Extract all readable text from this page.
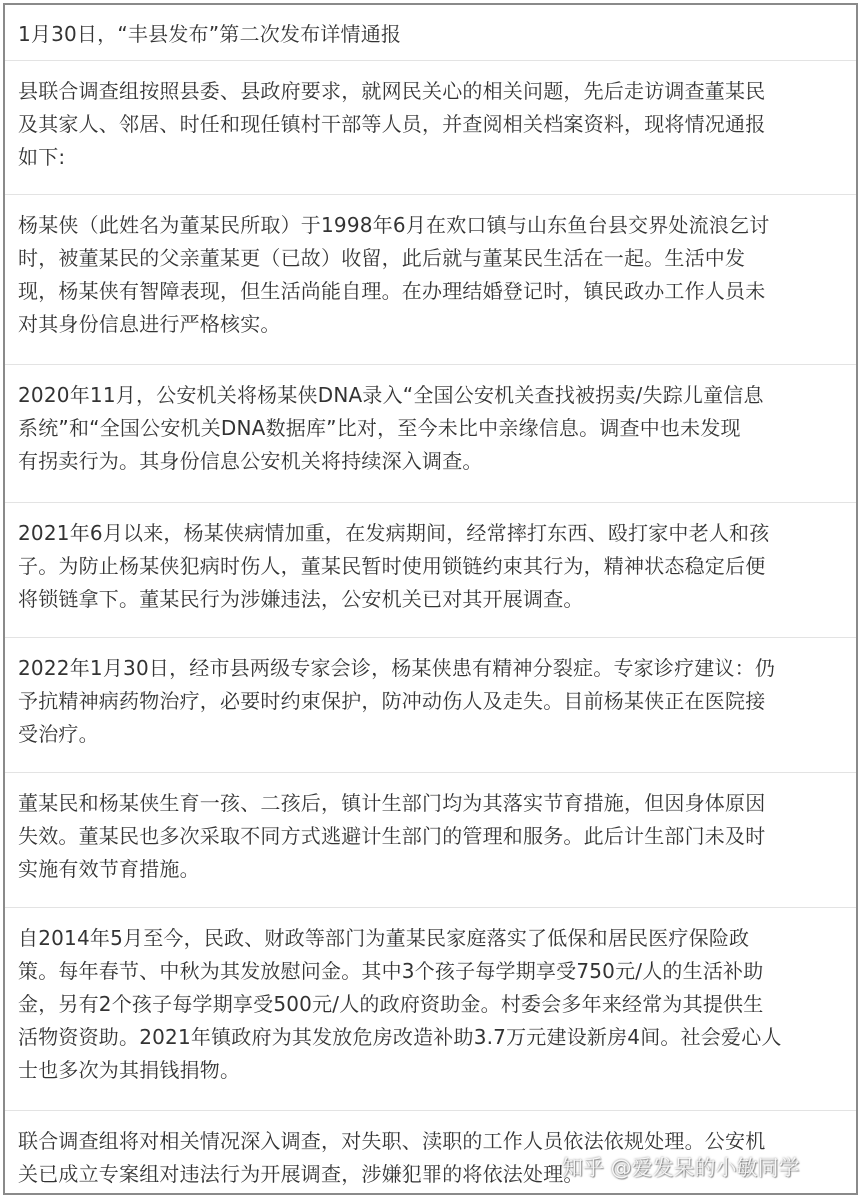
1月30日，“丰县发布”第二次发布详情通报
县联合调查组按照县委、县政府要求，就网民关心的相关问题，先后走访调查董某民
及其家人、邻居、时任和现任镇村干部等人员，并查阅相关档案资料，现将情况通报
如下:
杨某侠（此姓名为董某民所取）于1998年6月在欢口镇与山东鱼台县交界处流浪乞讨
时，被董某民的父亲董某更（已故）收留，此后就与董某民生活在一起。生活中发
现，杨某侠有智障表现，但生活尚能自理。在办理结婚登记时，镇民政办工作人员未
对其身份信息进行严格核实。
2020年11月，公安机关将杨某侠DNA录入“全国公安机关查找被拐卖/失踪儿童信息
系统”和“全国公安机关DNA数据库”比对，至今未比中亲缘信息。调查中也未发现
有拐卖行为。其身份信息公安机关将持续深入调查。
2021年6月以来，杨某侠病情加重，在发病期间，经常摔打东西、殴打家中老人和孩
子。为防止杨某侠犯病时伤人，董某民暂时使用锁链约束其行为，精神状态稳定后便
将锁链拿下。董某民行为涉嫌违法，公安机关已对其开展调查。
2022年1月30日，经市县两级专家会诊，杨某侠患有精神分裂症。专家诊疗建议：仍
予抗精神病药物治疗，必要时约束保护，防冲动伤人及走失。目前杨某侠正在医院接
受治疗。
董某民和杨某侠生育一孩、二孩后，镇计生部门均为其落实节育措施，但因身体原因
失效。董某民也多次采取不同方式逃避计生部门的管理和服务。此后计生部门未及时
实施有效节育措施。
自2014年5月至今，民政、财政等部门为董某民家庭落实了低保和居民医疗保险政
策。每年春节、中秋为其发放慰问金。其中3个孩子每学期享受750元/人的生活补助
金，另有2个孩子每学期享受500元/人的政府资助金。村委会多年来经常为其提供生
活物资资助。2021年镇政府为其发放危房改造补助3.7万元建设新房4间。社会爱心人
士也多次为其捐钱捐物。
联合调查组将对相关情况深入调查，对失职、渎职的工作人员依法依规处理。公安机
关已成立专案组对违法行为开展调查，涉嫌犯罪的将依法处理。
知乎 @爱发呆的小敏同学
